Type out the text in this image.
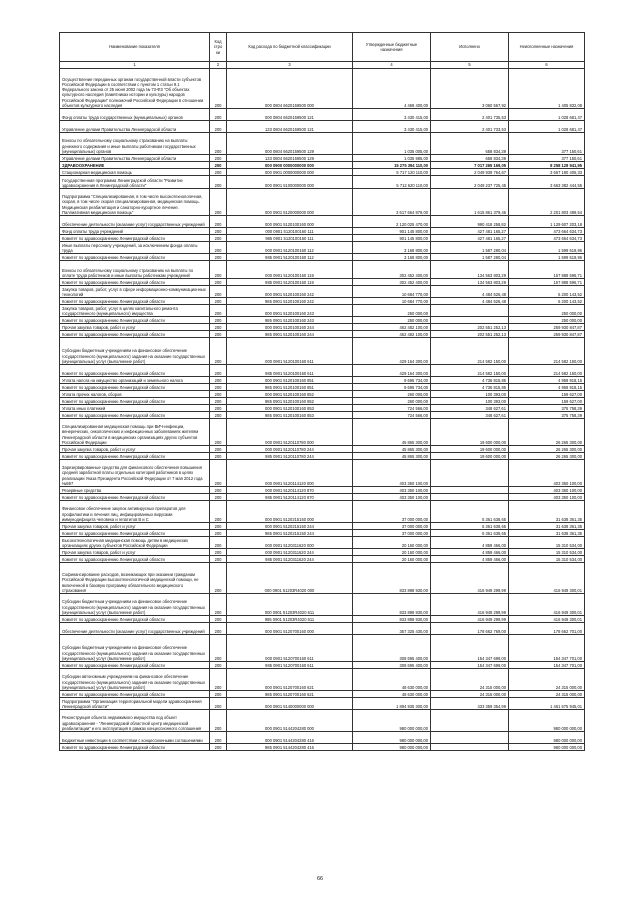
Наименование показателя	Код стро ки	Код расхода по бюджетной классификации	Утвержденные бюджетные назначения	Исполнено	Неисполненные назначения
1	2	3	4	5	6
Осуществление переданных органам государственной власти субъектов Российской Федерации в соответствии с пунктом 1 статьи 9.1 Федерального закона от 25 июня 2002 года № 73-ФЗ "Об объектах культурного наследия (памятниках истории и культуры) народов Российской Федерации" полномочий Российской Федерации в отношении объектов культурного наследия	200	000 0804 6620159500 000	4 468 400,00	3 060 567,92	1 405 832,08
Фонд оплаты труда государственных (муниципальных) органов	200	000 0804 6620159500 121	3 430 415,00	2 401 735,53	1 028 681,47
Управление делами Правительства Ленинградской области	200	133 0804 6620159500 121	3 430 415,00	2 401 733,53	1 028 681,47
Взносы по обязательному социальному страхованию на выплаты денежного содержания и иные выплаты работникам государственных (муниципальных) органов	200	000 0804 6620159500 129	1 035 005,00	658 834,39	377 150,61
Управление делами Правительства Ленинградской области	200	133 0804 6620159500 129	1 035 985,00	658 834,39	377 150,61
ЗДРАВООХРАНЕНИЕ	200	000 0900 0000000000 000	15 275 394 110,00	7 017 265 169,05	8 258 128 941,95
Стационарная медицинская помощь	200	000 0901 0000000000 000	5 717 120 110,00	2 049 939 764,67	3 667 180 405,33
Государственная программа Ленинградской области "Развитие здравоохранения в Ленинградской области"	200	000 0901 5100000000 000	5 712 620 110,00	2 049 237 725,45	3 663 382 444,55
Подпрограмма "Специализированная, в том числе высокотехнологичная, скорая, в том числе скорая специализированная, медицинская помощь. Медицинская реабилитация и санаторно-курортное лечение. Паллиативная медицинская помощь"	200	000 0901 5120000000 000	3 617 664 879,00	1 615 861 379,46	2 201 803 499,54
Обеспечение деятельности (оказание услуг) государственных учреждений	200	000 0901 5120100160 000	2 120 025 470,00	990 418 258,82	1 129 607 203,18
Фонд оплаты труда учреждений	200	000 0901 5120100160 111	901 145 800,00	427 481 165,27	473 664 634,73
Комитет по здравоохранению Ленинградской области	200	985 0901 5120100160 111	901 145 800,00	427 481 165,27	473 664 634,73
Иные выплаты персоналу учреждений, за исключением фонда оплаты труда	200	000 0901 5120100160 112	3 168 800,00	1 587 280,04	1 599 519,96
Комитет по здравоохранению Ленинградской области	200	985 0901 5120100160 112	3 168 800,00	1 587 280,04	1 599 519,96
Взносы по обязательному социальному страхованию на выплаты по оплате труда работников и иные выплаты работникам учреждений	200	000 0901 5120100160 119	302 452 400,00	134 563 803,29	167 888 596,71
Комитет по здравоохранению Ленинградской области	200	985 0901 5120100160 119	302 452 400,00	134 563 803,29	167 888 596,71
Закупка товаров, работ, услуг в сфере информационно-коммуникационных технологий	200	000 0901 5120100160 242	10 684 770,00	4 484 626,48	6 200 143,52
Комитет по здравоохранению Ленинградской области	200	985 0901 5120100160 242	10 684 770,00	4 484 626,48	6 200 143,52
Закупка товаров, работ, услуг в целях капитального ремонта государственного (муниципального) имущества	200	000 0901 5120100160 243	250 000,00		250 000,00
Комитет по здравоохранению Ленинградской области	200	985 0901 5120100160 243	250 000,00		250 000,00
Прочая закупка товаров, работ и услуг	200	000 0901 5120100160 244	462 482 100,00	202 551 252,13	259 930 847,87
Комитет по здравоохранению Ленинградской области	200	985 0901 5120100160 244	462 482 100,00	202 551 252,13	259 930 847,87
Субсидии бюджетным учреждениям на финансовое обеспечение государственного (муниципального) задания на оказание государственных (муниципальных) услуг (выполнение работ)	200	000 0901 5120100160 611	429 164 300,00	214 582 150,00	214 582 150,00
Комитет по здравоохранению Ленинградской области	200	985 0901 5120100160 611	429 164 300,00	214 582 150,00	214 582 150,00
Уплата налога на имущество организаций и земельного налога	200	000 0901 5120100160 851	9 695 734,00	4 736 815,85	4 958 918,15
Комитет по здравоохранению Ленинградской области	200	985 0901 5120100160 851	9 695 734,00	4 736 815,85	4 958 918,15
Уплата прочих налогов, сборов	200	000 0901 5120100160 852	260 000,00	100 393,00	159 627,00
Комитет по здравоохранению Ленинградской области	200	985 0901 5120100160 852	260 000,00	100 393,00	159 627,00
Уплата иных платежей	200	000 0901 5120100160 853	724 566,00	348 627,61	375 758,39
Комитет по здравоохранению Ленинградской области	200	985 0901 5120100160 853	724 566,00	348 627,61	375 758,39
Специализированная медицинская помощь при ВИЧ-инфекции, венерических, онкологических и инфекционных заболеваниях жителям Ленинградской области в медицинских организациях других субъектов Российской Федерации	200	000 0901 5120110780 000	45 865 300,00	19 600 000,00	26 265 300,00
Прочая закупка товаров, работ и услуг	200	000 0901 5120110780 244	45 865 300,00	19 600 000,00	26 265 300,00
Комитет по здравоохранению Ленинградской области	200	985 0901 5120110780 244	45 865 300,00	19 600 000,00	26 265 300,00
Зарезервированные средства для финансового обеспечения повышения средней заработной платы отдельных категорий работников в целях реализации Указа Президента Российской Федерации от 7 мая 2012 года №597	200	000 0901 5120114120 000	403 350 100,00		403 350 100,00
Резервные средства	200	000 0901 5120114120 870	403 350 100,00		403 350 100,00
Комитет по здравоохранению Ленинградской области	200	985 0901 5120114120 870	403 350 100,00		403 350 100,00
Финансовое обеспечение закупок антивирусных препаратов для профилактики и лечения лиц, инфицированных вирусами иммунодефицита человека и гепатитов B и C	200	000 0901 5120215150 000	37 000 000,00	5 361 638,65	31 638 361,35
Прочая закупка товаров, работ и услуг	200	000 0901 5120215150 244	37 000 000,00	5 361 638,65	31 638 361,35
Комитет по здравоохранению Ленинградской области	200	985 0901 5120215150 244	37 000 000,00	5 361 638,65	31 638 361,35
Высокотехнологичная медицинская помощь детям в медицинских организациях других субъектов Российской Федерации	200	000 0901 5120311620 000	20 160 000,00	4 859 466,00	15 310 534,00
Прочая закупка товаров, работ и услуг	200	000 0901 5120311620 244	20 160 000,00	4 859 466,00	15 310 534,00
Комитет по здравоохранению Ленинградской области	200	985 0901 5120311620 244	20 160 000,00	4 859 466,00	15 310 534,00
Софинансирование расходов, возникающих при оказании гражданам Российской Федерации высокотехнологичной медицинской помощи, не включенной в базовую программу обязательного медицинского страхования	200	000 0901 51203R4020 000	833 898 930,00	416 949 299,99	416 949 300,01
Субсидии бюджетным учреждениям на финансовое обеспечение государственного (муниципального) задания на оказание государственных (муниципальных) услуг (выполнение работ)	200	000 0901 51203R4020 611	833 898 930,00	416 949 299,99	416 949 300,01
Комитет по здравоохранению Ленинградской области	200	985 0901 51203R4020 611	833 898 930,00	416 949 299,99	416 949 300,01
Обеспечение деятельности (оказание услуг) государственных учреждений	200	000 0901 5120700160 000	357 325 430,00	178 662 769,00	178 662 701,00
Субсидии бюджетным учреждениям на финансовое обеспечение государственного (муниципального) задания на оказание государственных (муниципальных) услуг (выполнение работ)	200	000 0901 5120700160 611	308 695 400,00	154 347 699,00	154 347 701,00
Комитет по здравоохранению Ленинградской области	200	985 0901 5120700160 611	308 695 400,00	154 347 699,00	154 347 701,00
Субсидии автономным учреждениям на финансовое обеспечение государственного (муниципального) задания на оказание государственных (муниципальных) услуг (выполнение работ)	200	000 0901 5120700160 621	48 630 000,00	24 315 000,00	24 315 000,00
Комитет по здравоохранению Ленинградской области	200	985 0901 5120700160 621	48 630 000,00	24 315 000,00	24 315 000,00
Подпрограмма "Организация территориальной модели здравоохранения Ленинградской области"	200	000 0901 5140000000 000	1 894 935 300,00	433 359 354,99	1 461 575 945,01
Реконструкция объекта недвижимого имущества под объект здравоохранения - "Ленинградский областной центр медицинской реабилитации" и его эксплуатация в рамках концессионного соглашения	200	000 0901 5144204280 000	980 000 000,00		980 000 000,00
Бюджетные инвестиции в соответствии с концессионными соглашениями	200	000 0901 5144204280 416	980 000 000,00		980 000 000,00
Комитет по здравоохранению Ленинградской области	200	985 0901 5144204280 416	980 000 000,00		980 000 000,00
66
